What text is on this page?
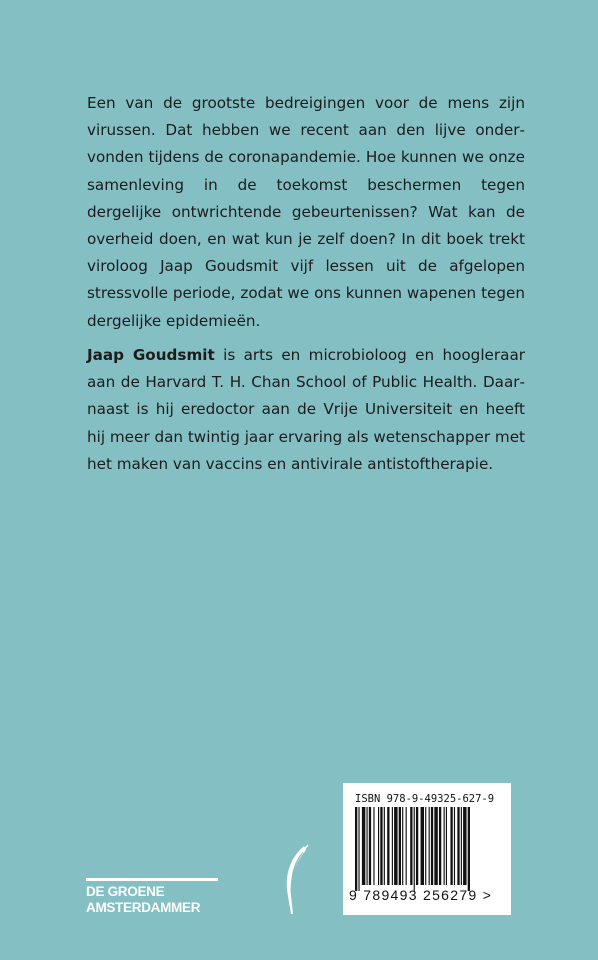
Een van de grootste bedreigingen voor de mens zijn virussen. Dat hebben we recent aan den lijve ondervonden tijdens de coronapandemie. Hoe kunnen we onze samenleving in de toekomst beschermen tegen dergelijke ontwrichtende gebeurtenissen? Wat kan de overheid doen, en wat kun je zelf doen? In dit boek trekt viroloog Jaap Goudsmit vijf lessen uit de afgelopen stressvolle periode, zodat we ons kunnen wapenen tegen dergelijke epidemieën.

Jaap Goudsmit is arts en microbioloog en hoogleraar aan de Harvard T. H. Chan School of Public Health. Daarnaast is hij eredoctor aan de Vrije Universiteit en heeft hij meer dan twintig jaar ervaring als wetenschapper met het maken van vaccins en antivirale antistoftherapie.

DE GROENE
AMSTERDAMMER
ISBN 978-9-49325-627-9
9 789493 256279 >
